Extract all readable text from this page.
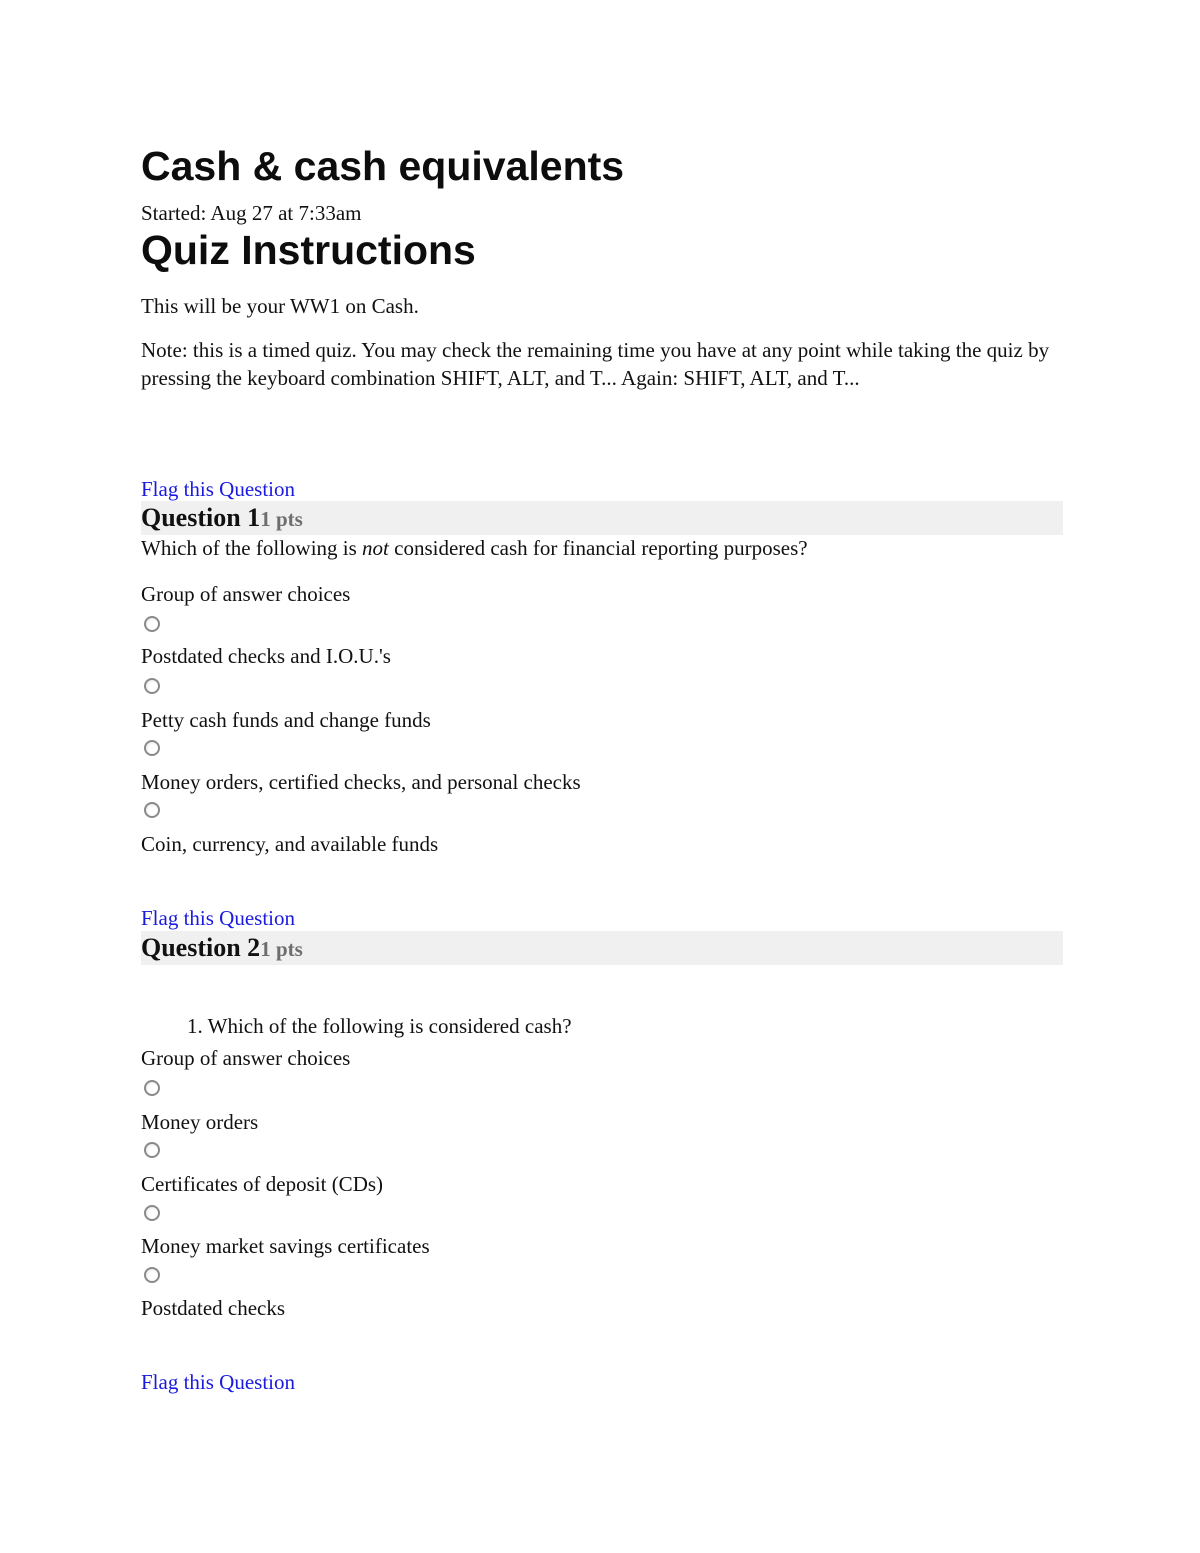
Cash & cash equivalents

Started: Aug 27 at 7:33am

Quiz Instructions

This will be your WW1 on Cash.

Note: this is a timed quiz. You may check the remaining time you have at any point while taking the quiz by pressing the keyboard combination SHIFT, ALT, and T... Again: SHIFT, ALT, and T...

Flag this Question
Question 11 pts

Which of the following is not considered cash for financial reporting purposes?

Group of answer choices

Postdated checks and I.O.U.'s
Petty cash funds and change funds
Money orders, certified checks, and personal checks
Coin, currency, and available funds
Flag this Question
Question 21 pts

1. Which of the following is considered cash?

Group of answer choices

Money orders
Certificates of deposit (CDs)
Money market savings certificates
Postdated checks
Flag this Question
